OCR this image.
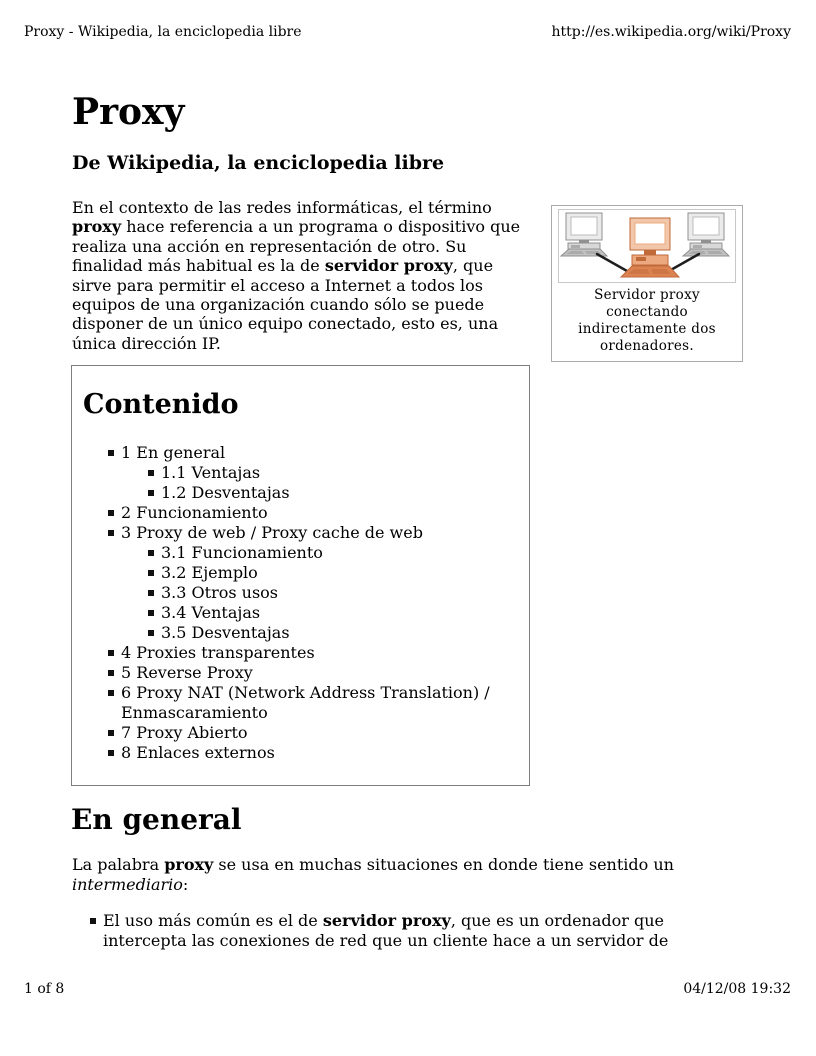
Proxy - Wikipedia, la enciclopedia libre	http://es.wikipedia.org/wiki/Proxy
Proxy
De Wikipedia, la enciclopedia libre
En el contexto de las redes informáticas, el término
proxy hace referencia a un programa o dispositivo que
realiza una acción en representación de otro. Su
finalidad más habitual es la de servidor proxy, que
sirve para permitir el acceso a Internet a todos los
equipos de una organización cuando sólo se puede
disponer de un único equipo conectado, esto es, una
única dirección IP.
Servidor proxy
conectando
indirectamente dos
ordenadores.
Contenido
1 En general
1.1 Ventajas
1.2 Desventajas
2 Funcionamiento
3 Proxy de web / Proxy cache de web
3.1 Funcionamiento
3.2 Ejemplo
3.3 Otros usos
3.4 Ventajas
3.5 Desventajas
4 Proxies transparentes
5 Reverse Proxy
6 Proxy NAT (Network Address Translation) / Enmascaramiento
7 Proxy Abierto
8 Enlaces externos
En general
La palabra proxy se usa en muchas situaciones en donde tiene sentido un
intermediario:
El uso más común es el de servidor proxy, que es un ordenador que
intercepta las conexiones de red que un cliente hace a un servidor de
1 of 8	04/12/08 19:32
